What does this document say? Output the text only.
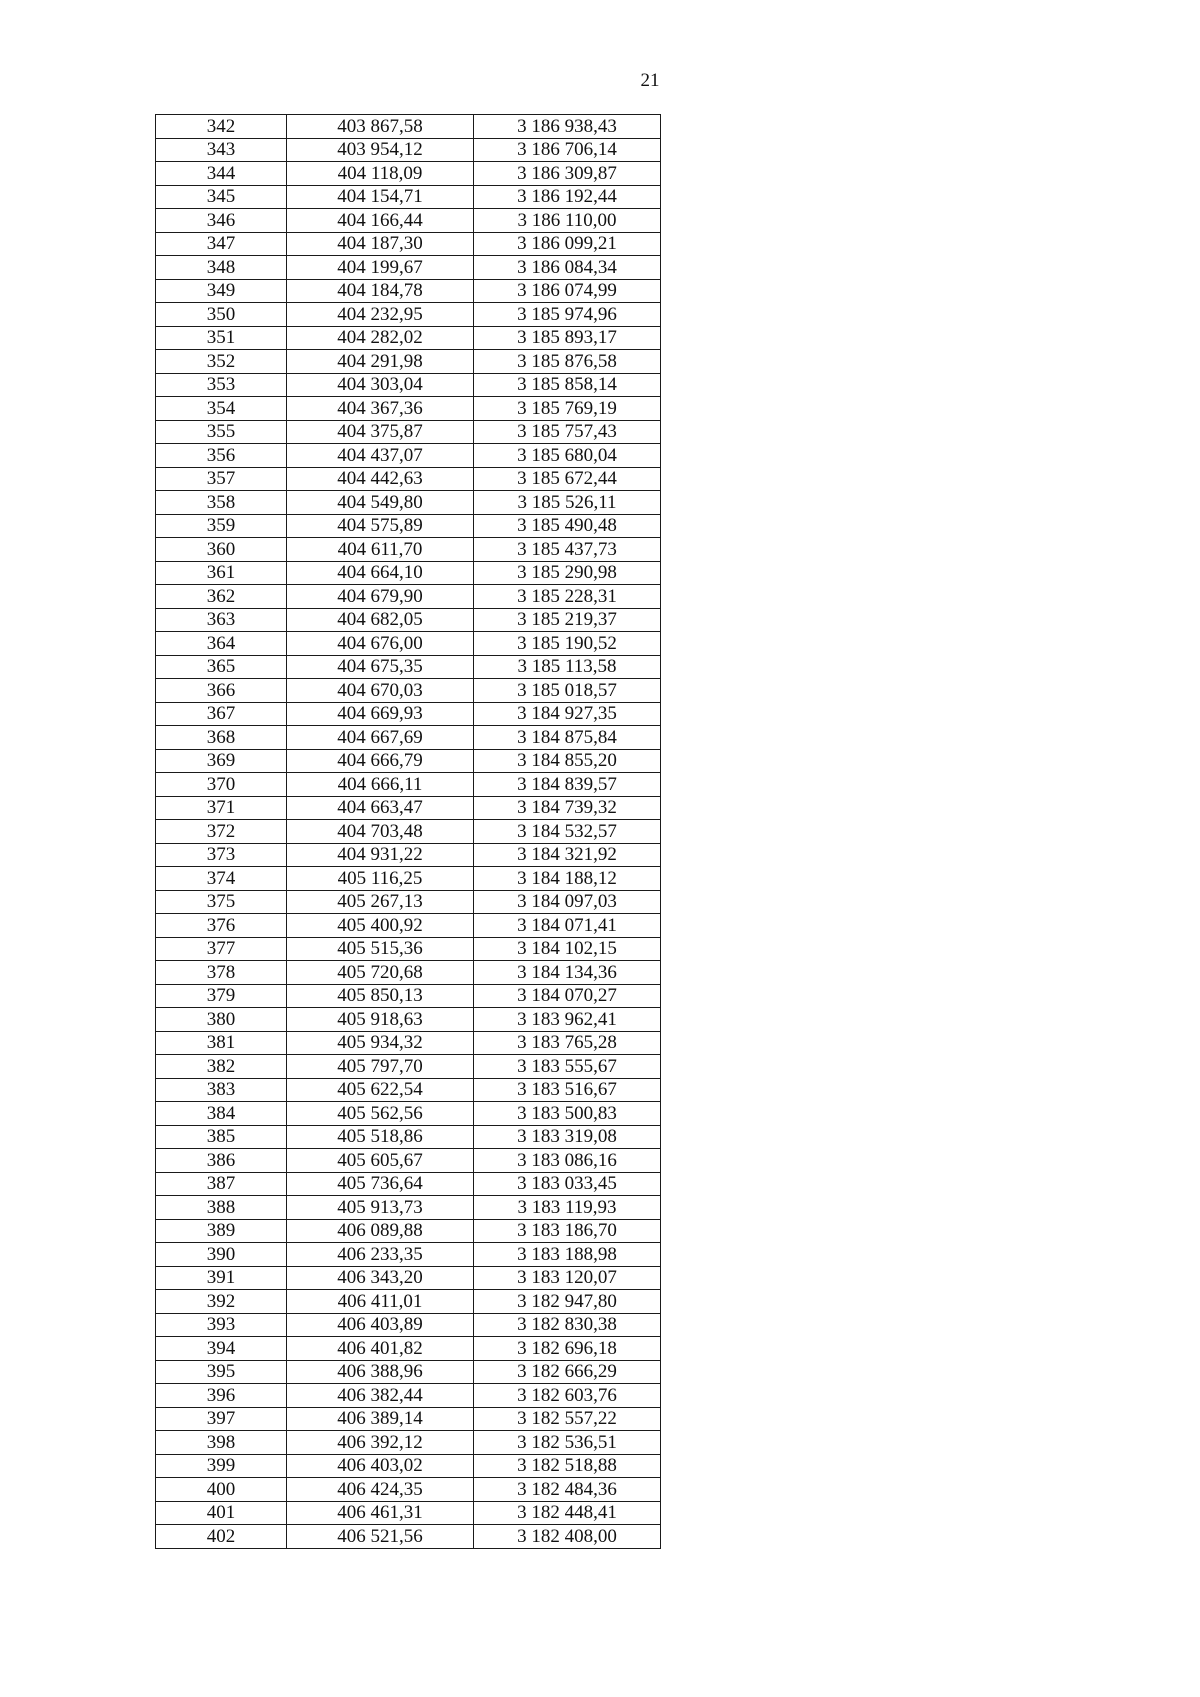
21
342	403 867,58	3 186 938,43
343	403 954,12	3 186 706,14
344	404 118,09	3 186 309,87
345	404 154,71	3 186 192,44
346	404 166,44	3 186 110,00
347	404 187,30	3 186 099,21
348	404 199,67	3 186 084,34
349	404 184,78	3 186 074,99
350	404 232,95	3 185 974,96
351	404 282,02	3 185 893,17
352	404 291,98	3 185 876,58
353	404 303,04	3 185 858,14
354	404 367,36	3 185 769,19
355	404 375,87	3 185 757,43
356	404 437,07	3 185 680,04
357	404 442,63	3 185 672,44
358	404 549,80	3 185 526,11
359	404 575,89	3 185 490,48
360	404 611,70	3 185 437,73
361	404 664,10	3 185 290,98
362	404 679,90	3 185 228,31
363	404 682,05	3 185 219,37
364	404 676,00	3 185 190,52
365	404 675,35	3 185 113,58
366	404 670,03	3 185 018,57
367	404 669,93	3 184 927,35
368	404 667,69	3 184 875,84
369	404 666,79	3 184 855,20
370	404 666,11	3 184 839,57
371	404 663,47	3 184 739,32
372	404 703,48	3 184 532,57
373	404 931,22	3 184 321,92
374	405 116,25	3 184 188,12
375	405 267,13	3 184 097,03
376	405 400,92	3 184 071,41
377	405 515,36	3 184 102,15
378	405 720,68	3 184 134,36
379	405 850,13	3 184 070,27
380	405 918,63	3 183 962,41
381	405 934,32	3 183 765,28
382	405 797,70	3 183 555,67
383	405 622,54	3 183 516,67
384	405 562,56	3 183 500,83
385	405 518,86	3 183 319,08
386	405 605,67	3 183 086,16
387	405 736,64	3 183 033,45
388	405 913,73	3 183 119,93
389	406 089,88	3 183 186,70
390	406 233,35	3 183 188,98
391	406 343,20	3 183 120,07
392	406 411,01	3 182 947,80
393	406 403,89	3 182 830,38
394	406 401,82	3 182 696,18
395	406 388,96	3 182 666,29
396	406 382,44	3 182 603,76
397	406 389,14	3 182 557,22
398	406 392,12	3 182 536,51
399	406 403,02	3 182 518,88
400	406 424,35	3 182 484,36
401	406 461,31	3 182 448,41
402	406 521,56	3 182 408,00
